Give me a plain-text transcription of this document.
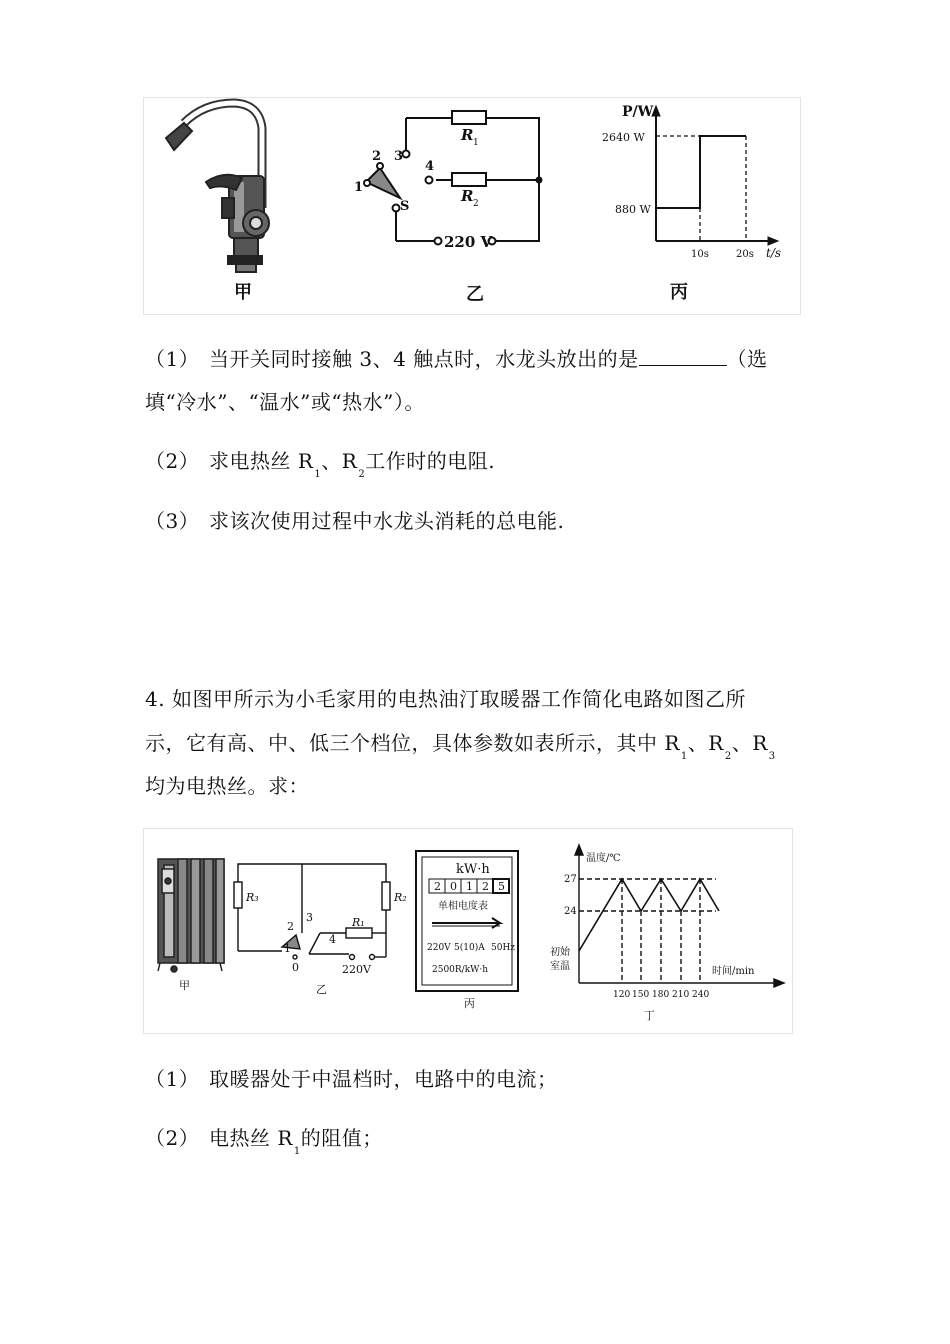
甲
R 1
R 2
2 3
4
1
S
220 V
乙
P/W
2640 W
880 W
10s	20s t/s
丙
（1） 当开关同时接触 3、4 触点时，水龙头放出的是	（选
填“冷水”、“温水”或“热水”）。
（2） 求电热丝 $R_1$、$R_2$工作时的电阻.
（3） 求该次使用过程中水龙头消耗的总电能.
4. 如图甲所示为小毛家用的电热油汀取暖器工作简化电路如图乙所
示，它有高、中、低三个档位，具体参数如表所示，其中 $R_1$、$R_2$、$R_3$
均为电热丝。求：
甲
R₃	R₂
R₁
2
3
4
1
0	220V
乙
kW·h
2 0 1 2 5
单相电度表
220V 5(10)A 50Hz
2500R/kW·h
丙
温度/℃
27
24
初始
室温	时间/min
120 150 180 210 240
丁
（1） 取暖器处于中温档时，电路中的电流；
（2） 电热丝 $R_1$的阻值；
